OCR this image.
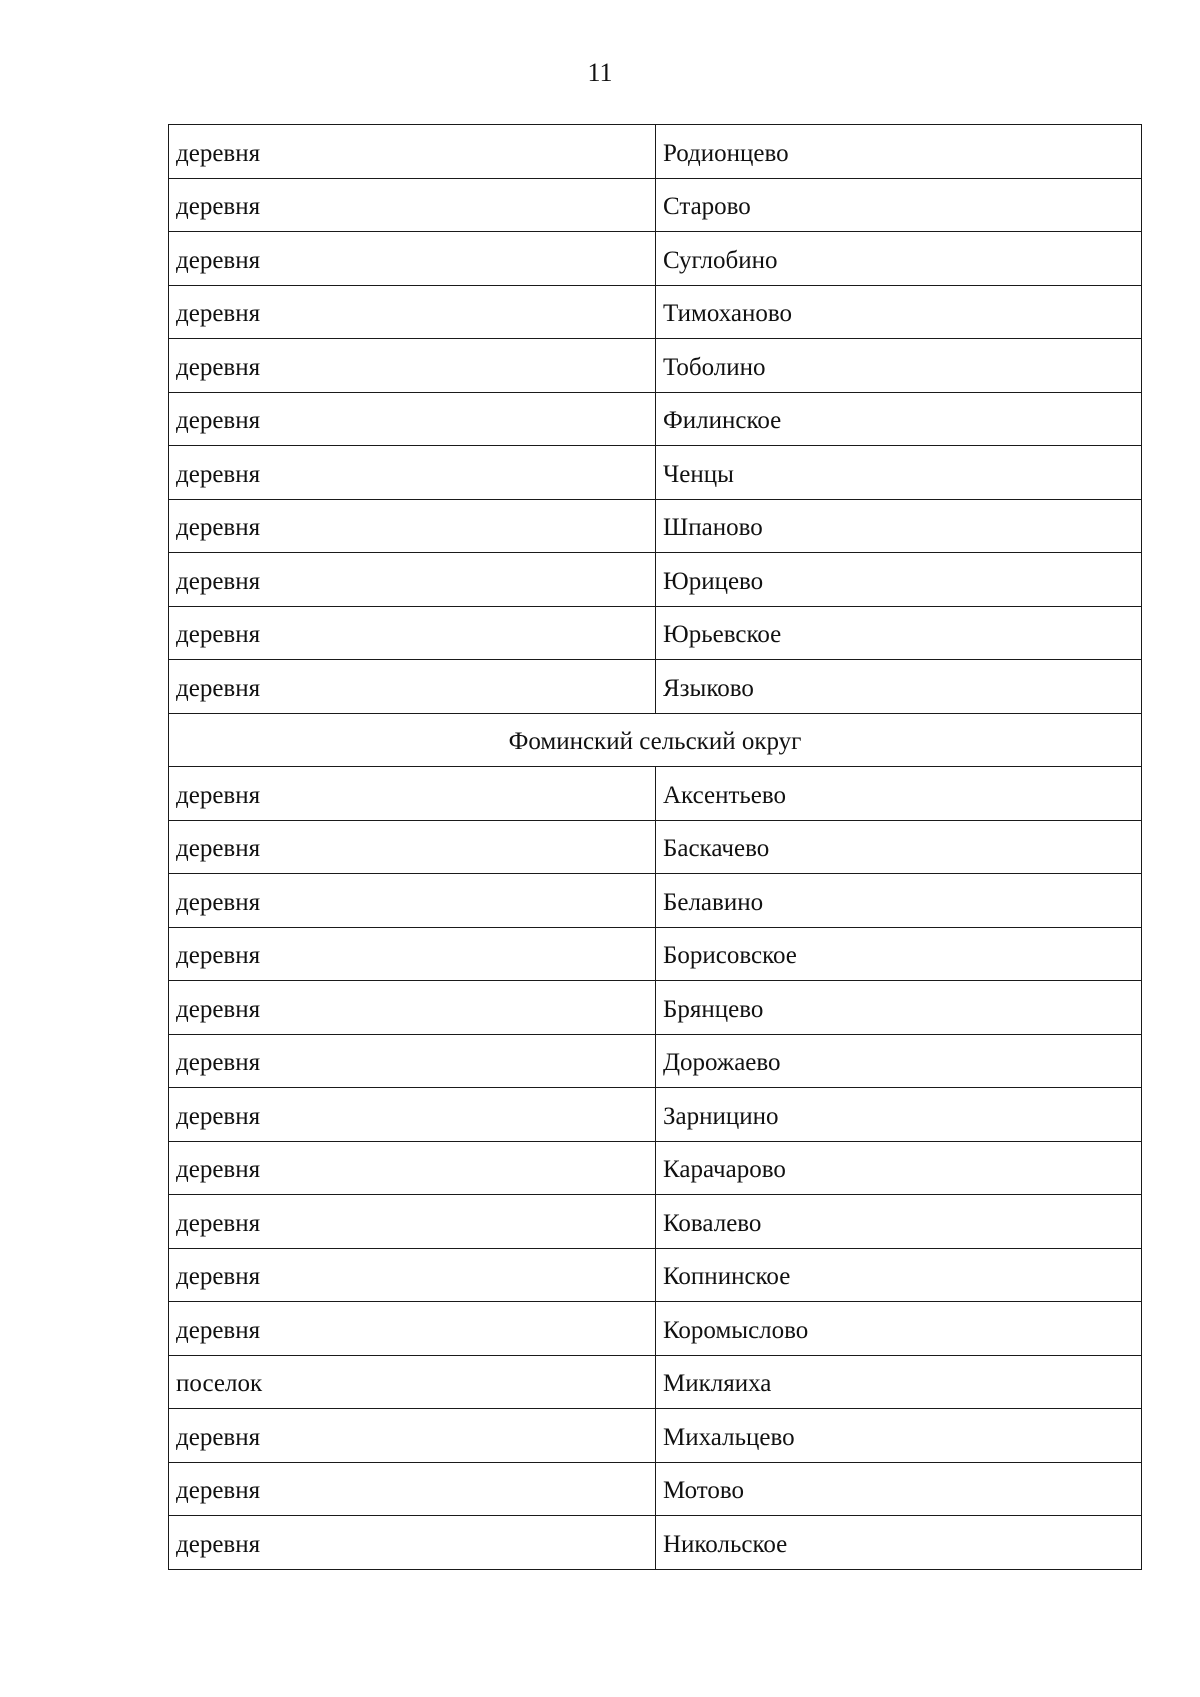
11
деревня	Родионцево
деревня	Старово
деревня	Суглобино
деревня	Тимоханово
деревня	Тоболино
деревня	Филинское
деревня	Ченцы
деревня	Шпаново
деревня	Юрицево
деревня	Юрьевское
деревня	Языково
Фоминский сельский округ	
деревня	Аксентьево
деревня	Баскачево
деревня	Белавино
деревня	Борисовское
деревня	Брянцево
деревня	Дорожаево
деревня	Зарницино
деревня	Карачарово
деревня	Ковалево
деревня	Копнинское
деревня	Коромыслово
поселок	Микляиха
деревня	Михальцево
деревня	Мотово
деревня	Никольское
